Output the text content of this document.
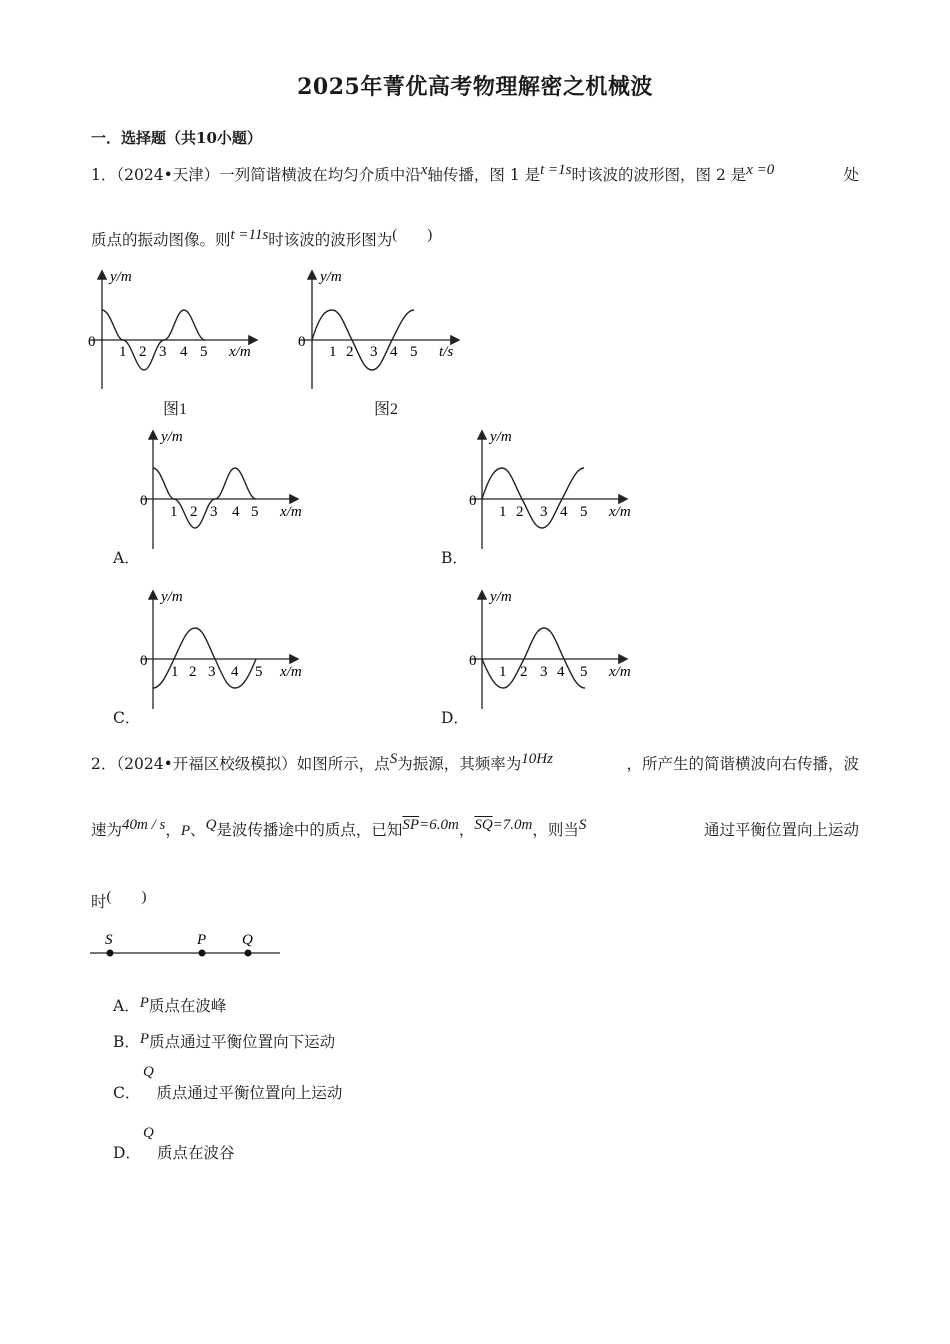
2025年菁优高考物理解密之机械波
一．选择题（共10小题）
1．（2024•天津）一列简谐横波在均匀介质中沿x轴传播，图 1 是t =1s时该波的波形图，图 2 是x =0	处
质点的振动图像。则t =11s时该波的波形图为(　　)
y/m
0
1 2 3 4 5 x/m
图1
y/m
0
1 2 3 4 5 t/s
图2
y/m
0
1 2 3 4 5 x/m
A．
y/m
0
1 2 3 4 5 x/m
B．
y/m
0
1 2 3 4 5 x/m
C．
y/m
0
1 2 3 4 5 x/m
D．
2．（2024•开福区校级模拟）如图所示，点S为振源，其频率为10Hz	，所产生的简谐横波向右传播，波
速为40m / s，P、Q是波传播途中的质点，已知$\overline{SP}=6.0m$，$\overline{SQ}=7.0m$，则当S	通过平衡位置向上运动
时(　　)
S	P Q
A．P质点在波峰
B．P质点通过平衡位置向下运动
Q
C． 质点通过平衡位置向上运动
Q
D． 质点在波谷
